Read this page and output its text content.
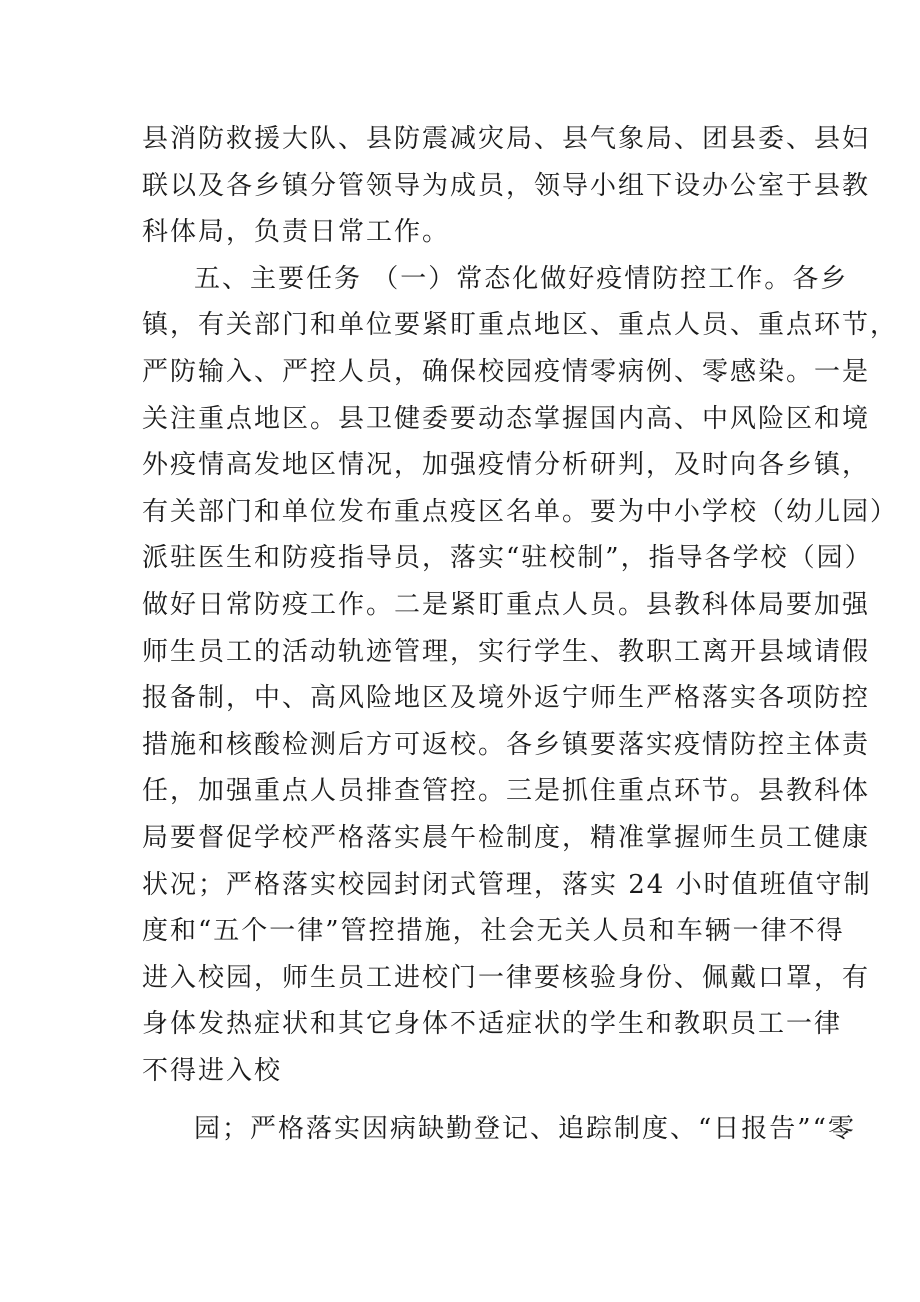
县消防救援大队、县防震减灾局、县气象局、团县委、县妇
联以及各乡镇分管领导为成员，领导小组下设办公室于县教
科体局，负责日常工作。
五、主要任务 （一）常态化做好疫情防控工作。各乡
镇，有关部门和单位要紧盯重点地区、重点人员、重点环节，
严防输入、严控人员，确保校园疫情零病例、零感染。一是
关注重点地区。县卫健委要动态掌握国内高、中风险区和境
外疫情高发地区情况，加强疫情分析研判，及时向各乡镇，
有关部门和单位发布重点疫区名单。要为中小学校（幼儿园）
派驻医生和防疫指导员，落实“驻校制”，指导各学校（园）
做好日常防疫工作。二是紧盯重点人员。县教科体局要加强
师生员工的活动轨迹管理，实行学生、教职工离开县域请假
报备制，中、高风险地区及境外返宁师生严格落实各项防控
措施和核酸检测后方可返校。各乡镇要落实疫情防控主体责
任，加强重点人员排查管控。三是抓住重点环节。县教科体
局要督促学校严格落实晨午检制度，精准掌握师生员工健康
状况；严格落实校园封闭式管理，落实 24 小时值班值守制
度和“五个一律”管控措施，社会无关人员和车辆一律不得
进入校园，师生员工进校门一律要核验身份、佩戴口罩，有
身体发热症状和其它身体不适症状的学生和教职员工一律
不得进入校
园；严格落实因病缺勤登记、追踪制度、“日报告”“零
